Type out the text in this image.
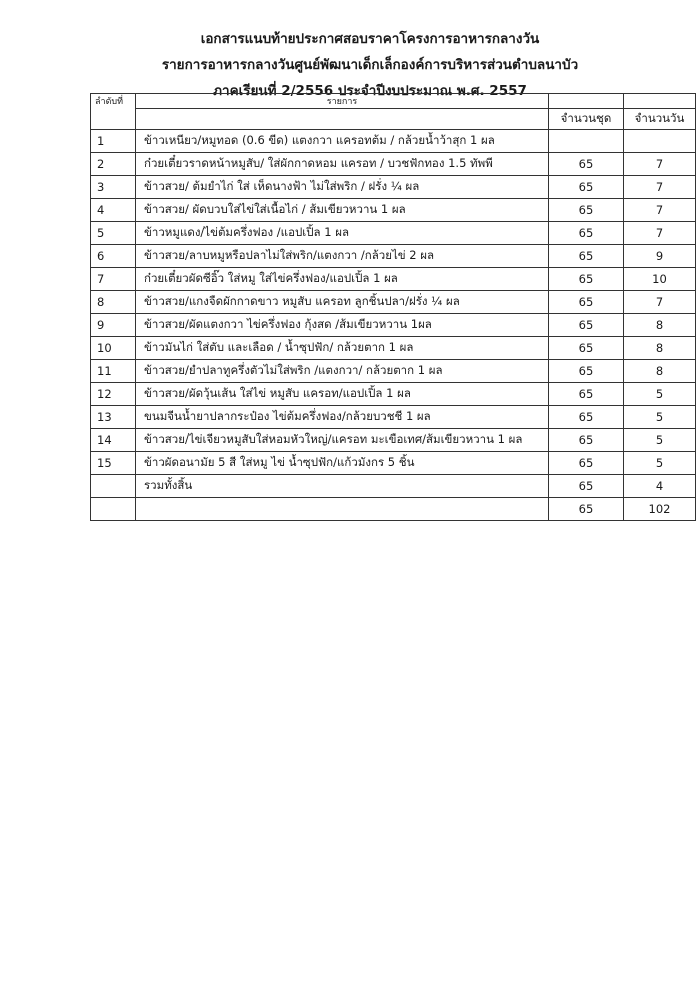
เอกสารแนบท้ายประกาศสอบราคาโครงการอาหารกลางวัน
รายการอาหารกลางวันศูนย์พัฒนาเด็กเล็กองค์การบริหารส่วนตำบลนาบัว
ภาคเรียนที่ 2/2556 ประจำปีงบประมาณ พ.ศ. 2557
ลำดับที่	รายการ		
		จำนวนชุด	จำนวนวัน
1	ข้าวเหนียว/หมูทอด (0.6 ขีด) แตงกวา แครอทต้ม / กล้วยน้ำว้าสุก 1 ผล		
2	ก๋วยเตี๋ยวราดหน้าหมูสับ/ ใส่ผักกาดหอม แครอท / บวชฟักทอง 1.5 ทัพพี	65	7
3	ข้าวสวย/ ต้มยำไก่ ใส่ เห็ดนางฟ้า ไม่ใส่พริก / ฝรั่ง ¼ ผล	65	7
4	ข้าวสวย/ ผัดบวบใส่ไข่ใส่เนื้อไก่ / ส้มเขียวหวาน 1 ผล	65	7
5	ข้าวหมูแดง/ไข่ต้มครึ่งฟอง /แอปเปิ้ล 1 ผล	65	7
6	ข้าวสวย/ลาบหมูหรือปลาไม่ใส่พริก/แตงกวา /กล้วยไข่ 2 ผล	65	9
7	ก๋วยเตี๋ยวผัดซีอิ๊ว ใส่หมู ใส่ไข่ครึ่งฟอง/แอปเปิ้ล 1 ผล	65	10
8	ข้าวสวย/แกงจืดผักกาดขาว หมูสับ แครอท ลูกชิ้นปลา/ฝรั่ง ¼ ผล	65	7
9	ข้าวสวย/ผัดแตงกวา ไข่ครึ่งฟอง กุ้งสด /ส้มเขียวหวาน 1ผล	65	8
10	ข้าวมันไก่ ใส่ตับ และเลือด / น้ำซุปฟัก/ กล้วยตาก 1 ผล	65	8
11	ข้าวสวย/ยำปลาทูครึ่งตัวไม่ใส่พริก /แตงกวา/ กล้วยตาก 1 ผล	65	8
12	ข้าวสวย/ผัดวุ้นเส้น ใส่ไข่ หมูสับ แครอท/แอปเปิ้ล 1 ผล	65	5
13	ขนมจีนน้ำยาปลากระป๋อง ไข่ต้มครึ่งฟอง/กล้วยบวชชี 1 ผล	65	5
14	ข้าวสวย/ไข่เจียวหมูสับใส่หอมหัวใหญ่/แครอท มะเขือเทศ/ส้มเขียวหวาน 1 ผล	65	5
15	ข้าวผัดอนามัย 5 สี ใส่หมู ไข่ น้ำซุปฟัก/แก้วมังกร 5 ชิ้น	65	5
	รวมทั้งสิ้น	65	4
		65	102
